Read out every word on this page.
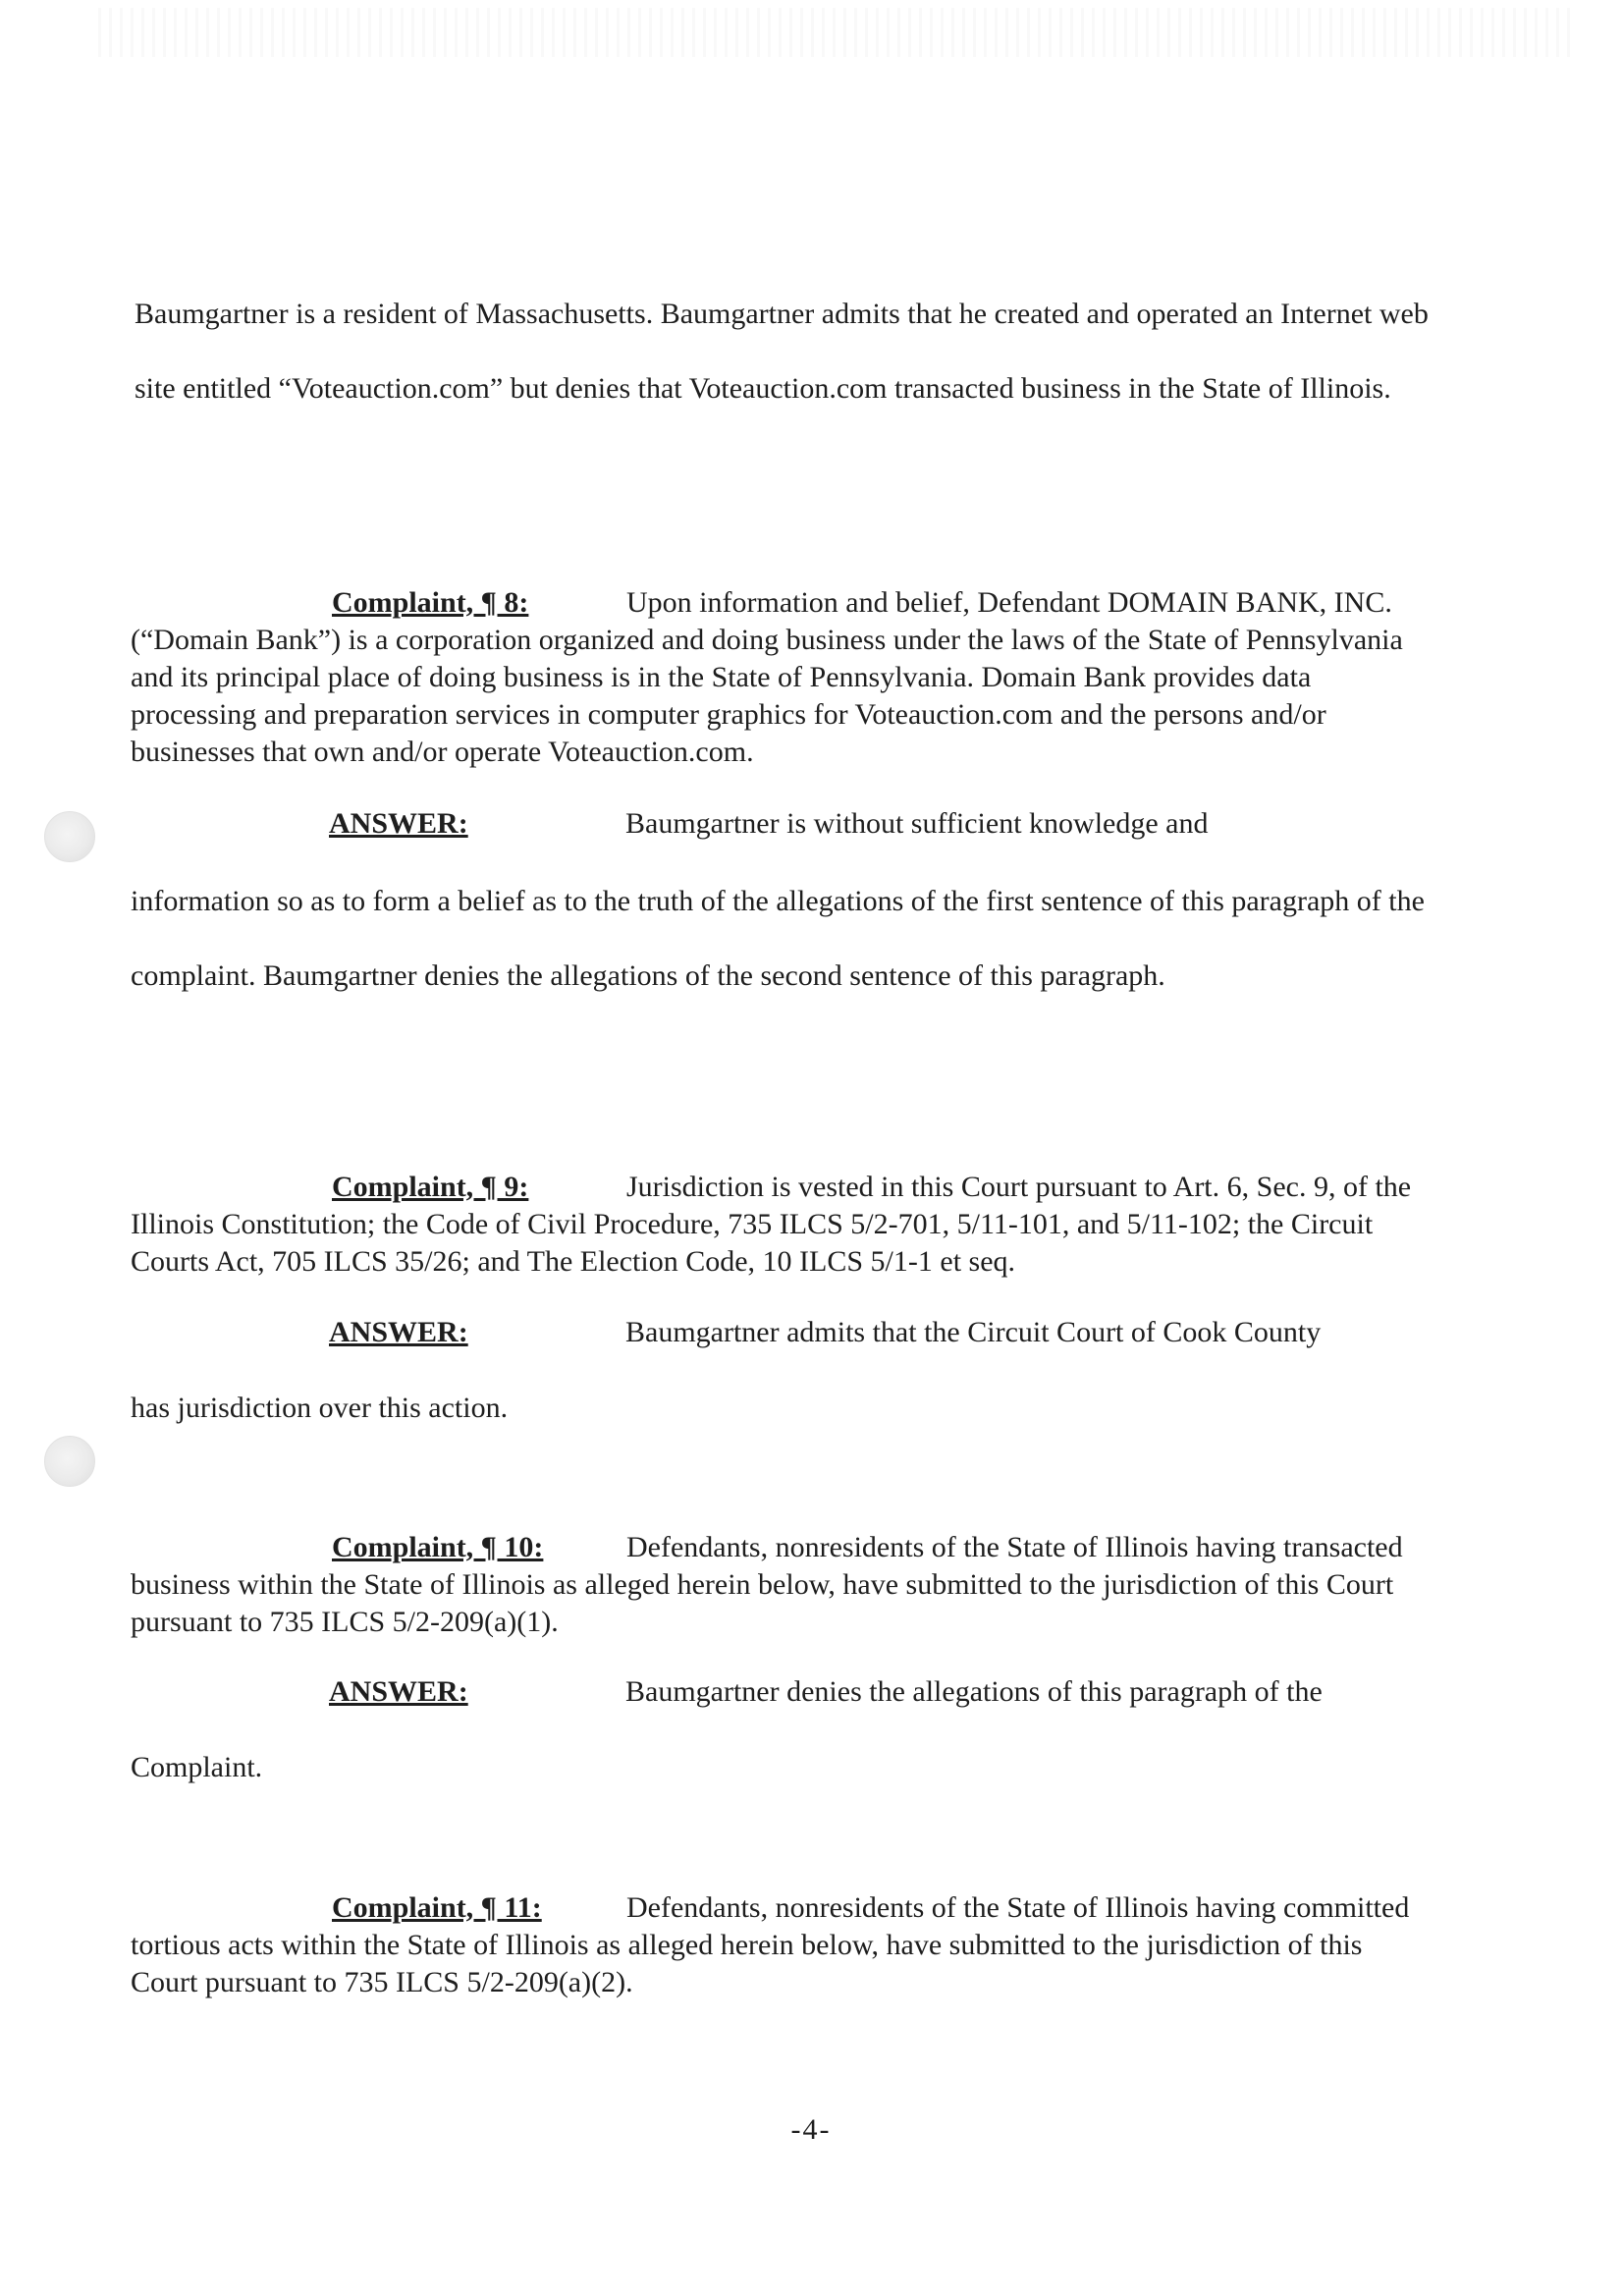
Baumgartner is a resident of Massachusetts. Baumgartner admits that he created and operated an Internet web site entitled “Voteauction.com” but denies that Voteauction.com transacted business in the State of Illinois.

Complaint, ¶ 8:	Upon information and belief, Defendant DOMAIN BANK, INC. (“Domain Bank”) is a corporation organized and doing business under the laws of the State of Pennsylvania and its principal place of doing business is in the State of Pennsylvania. Domain Bank provides data processing and preparation services in computer graphics for Voteauction.com and the persons and/or businesses that own and/or operate Voteauction.com.

ANSWER:	Baumgartner is without sufficient knowledge and

information so as to form a belief as to the truth of the allegations of the first sentence of this paragraph of the complaint. Baumgartner denies the allegations of the second sentence of this paragraph.

Complaint, ¶ 9:	Jurisdiction is vested in this Court pursuant to Art. 6, Sec. 9, of the Illinois Constitution; the Code of Civil Procedure, 735 ILCS 5/2-701, 5/11-101, and 5/11-102; the Circuit Courts Act, 705 ILCS 35/26; and The Election Code, 10 ILCS 5/1-1 et seq.

ANSWER:	Baumgartner admits that the Circuit Court of Cook County

has jurisdiction over this action.

Complaint, ¶ 10:	Defendants, nonresidents of the State of Illinois having transacted business within the State of Illinois as alleged herein below, have submitted to the jurisdiction of this Court pursuant to 735 ILCS 5/2-209(a)(1).

ANSWER:	Baumgartner denies the allegations of this paragraph of the

Complaint.

Complaint, ¶ 11:	Defendants, nonresidents of the State of Illinois having committed tortious acts within the State of Illinois as alleged herein below, have submitted to the jurisdiction of this Court pursuant to 735 ILCS 5/2-209(a)(2).

-4-
